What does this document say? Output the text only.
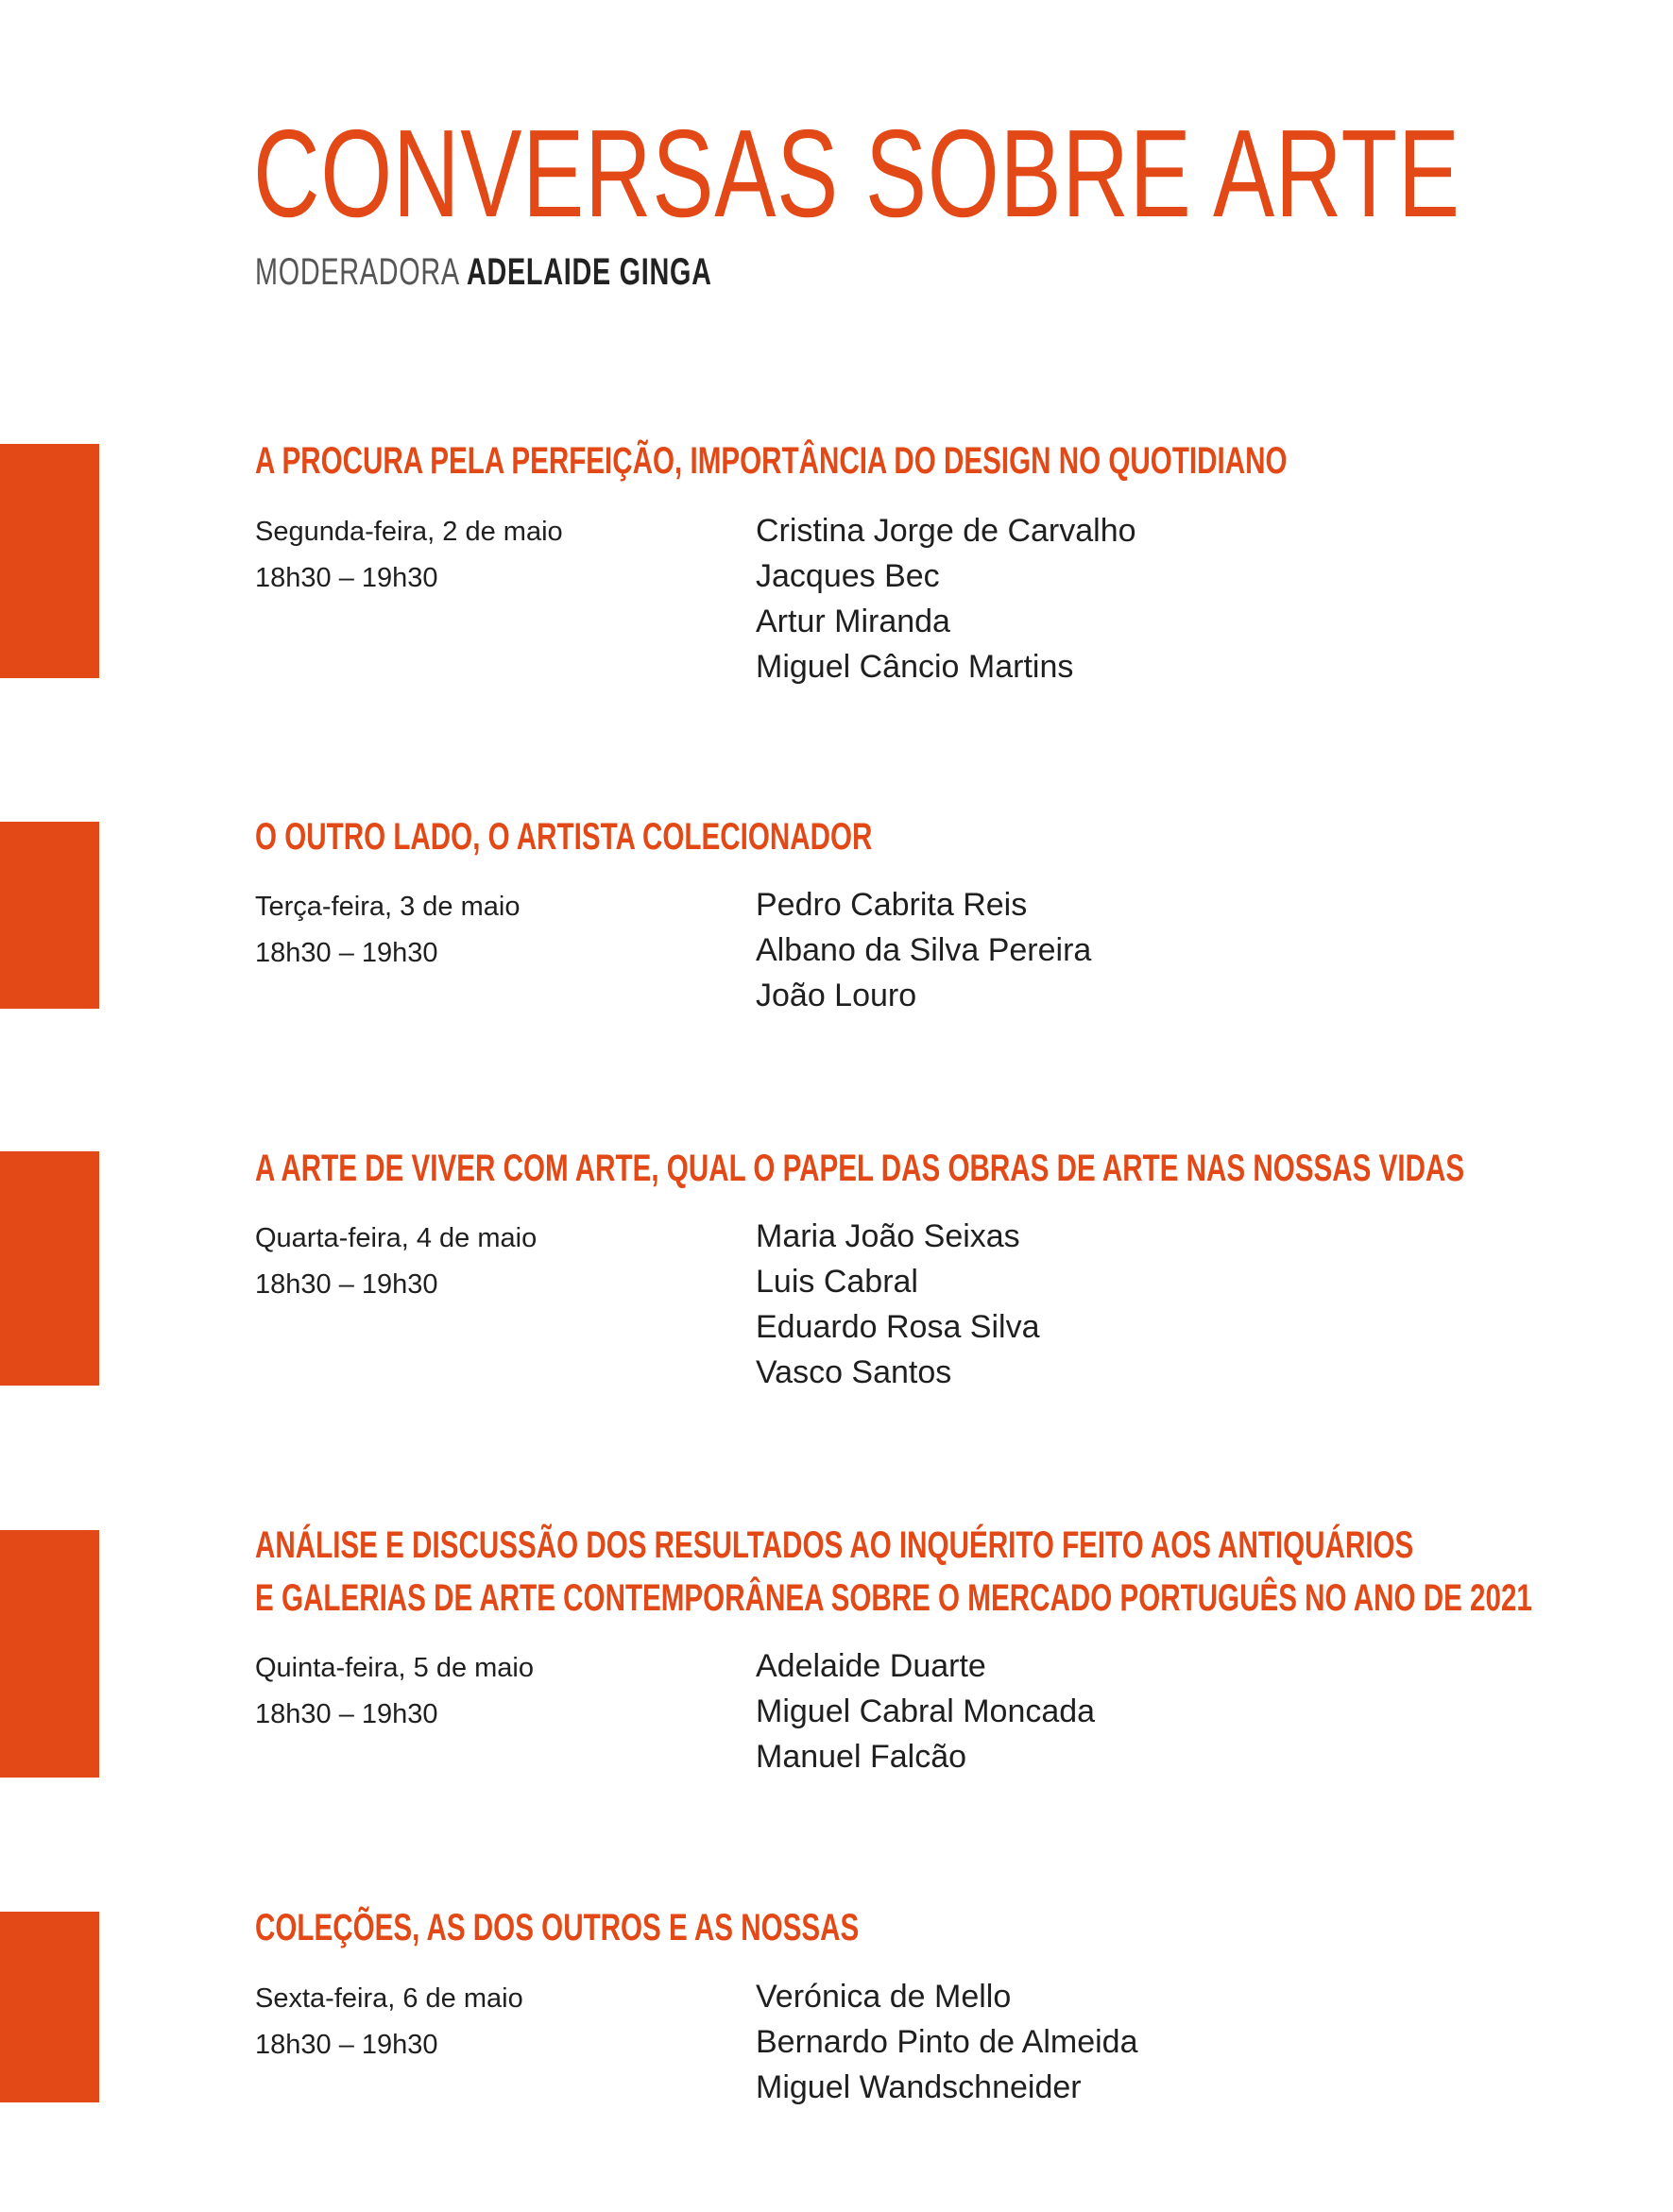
CONVERSAS SOBRE ARTE
MODERADORA ADELAIDE GINGA
A PROCURA PELA PERFEIÇÃO, IMPORTÂNCIA DO DESIGN NO QUOTIDIANO
Segunda-feira, 2 de maio
18h30 – 19h30
Cristina Jorge de Carvalho
Jacques Bec
Artur Miranda
Miguel Câncio Martins
O OUTRO LADO, O ARTISTA COLECIONADOR
Terça-feira, 3 de maio
18h30 – 19h30
Pedro Cabrita Reis
Albano da Silva Pereira
João Louro
A ARTE DE VIVER COM ARTE, QUAL O PAPEL DAS OBRAS DE ARTE NAS NOSSAS VIDAS
Quarta-feira, 4 de maio
18h30 – 19h30
Maria João Seixas
Luis Cabral
Eduardo Rosa Silva
Vasco Santos
ANÁLISE E DISCUSSÃO DOS RESULTADOS AO INQUÉRITO FEITO AOS ANTIQUÁRIOS
E GALERIAS DE ARTE CONTEMPORÂNEA SOBRE O MERCADO PORTUGUÊS NO ANO DE 2021
Quinta-feira, 5 de maio
18h30 – 19h30
Adelaide Duarte
Miguel Cabral Moncada
Manuel Falcão
COLEÇÕES, AS DOS OUTROS E AS NOSSAS
Sexta-feira, 6 de maio
18h30 – 19h30
Verónica de Mello
Bernardo Pinto de Almeida
Miguel Wandschneider
